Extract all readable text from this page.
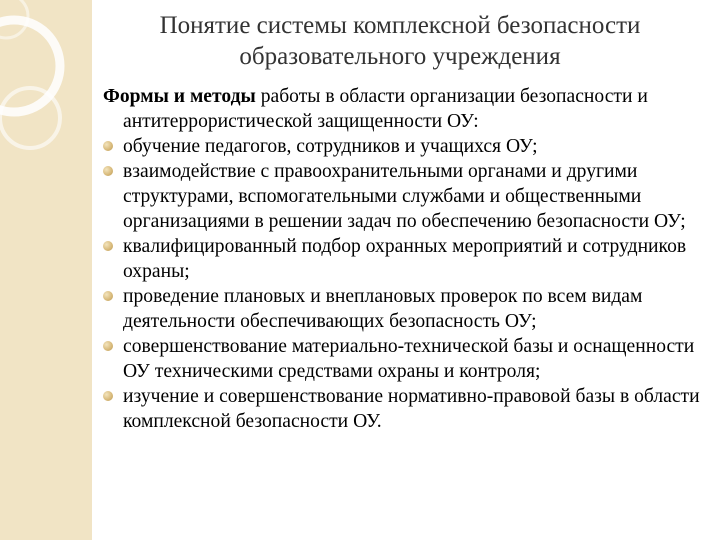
Понятие системы комплексной безопасности
образовательного учреждения

Формы и методы работы в области организации безопасности и антитеррористической защищенности ОУ:

обучение педагогов, сотрудников и учащихся ОУ;
взаимодействие с правоохранительными органами и другими структурами, вспомогательными службами и общественными организациями в решении задач по обеспечению безопасности ОУ;
квалифицированный подбор охранных мероприятий и сотрудников охраны;
проведение плановых и внеплановых проверок по всем видам деятельности обеспечивающих безопасность ОУ;
совершенствование материально-технической базы и оснащенности ОУ техническими средствами охраны и контроля;
изучение и совершенствование нормативно-правовой базы в области комплексной безопасности ОУ.
